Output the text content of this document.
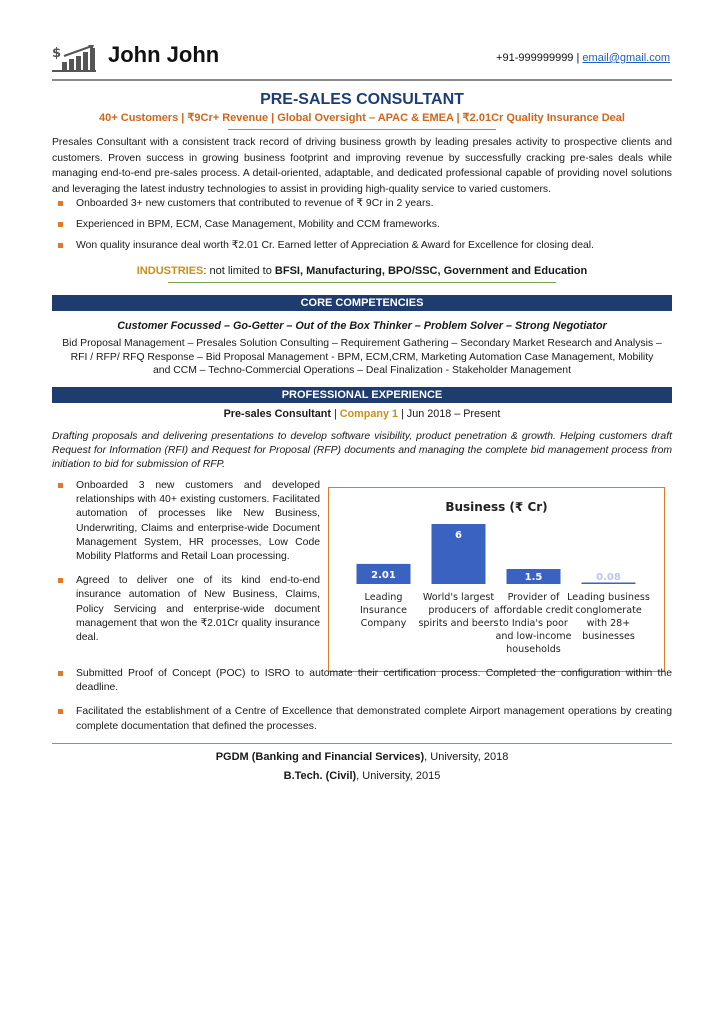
$ John John	+91-999999999 | email@gmail.com
PRE-SALES CONSULTANT
40+ Customers | ₹9Cr+ Revenue | Global Oversight – APAC & EMEA | ₹2.01Cr Quality Insurance Deal
Presales Consultant with a consistent track record of driving business growth by leading presales activity to prospective clients and customers. Proven success in growing business footprint and improving revenue by successfully cracking pre-sales deals while managing end-to-end pre-sales process. A detail-oriented, adaptable, and dedicated professional capable of providing novel solutions and leveraging the latest industry technologies to assist in providing high-quality service to varied customers.
Onboarded 3+ new customers that contributed to revenue of ₹ 9Cr in 2 years.
Experienced in BPM, ECM, Case Management, Mobility and CCM frameworks.
Won quality insurance deal worth ₹2.01 Cr. Earned letter of Appreciation & Award for Excellence for closing deal.
INDUSTRIES: not limited to BFSI, Manufacturing, BPO/SSC, Government and Education
CORE COMPETENCIES
Customer Focussed – Go-Getter – Out of the Box Thinker – Problem Solver – Strong Negotiator
Bid Proposal Management – Presales Solution Consulting – Requirement Gathering – Secondary Market Research and Analysis – RFI / RFP/ RFQ Response – Bid Proposal Management - BPM, ECM,CRM, Marketing Automation Case Management, Mobility and CCM – Techno-Commercial Operations – Deal Finalization - Stakeholder Management
PROFESSIONAL EXPERIENCE
Pre-sales Consultant | Company 1 | Jun 2018 – Present
Drafting proposals and delivering presentations to develop software visibility, product penetration & growth. Helping customers draft Request for Information (RFI) and Request for Proposal (RFP) documents and managing the complete bid management process from initiation to bid for submission of RFP.
Onboarded 3 new customers and developed relationships with 40+ existing customers. Facilitated automation of processes like New Business, Underwriting, Claims and enterprise-wide Document Management System, HR processes, Low Code Mobility Platforms and Retail Loan processing.
Agreed to deliver one of its kind end-to-end insurance automation of New Business, Claims, Policy Servicing and enterprise-wide document management that won the ₹2.01Cr quality insurance deal.
Business (₹ Cr)
2.01
Leading
Insurance
Company
6
World's largest
producers of
spirits and beers
1.5
Provider of
affordable credit
to India's poor
and low-income
households
0.08
Leading business
conglomerate
with 28+
businesses
Submitted Proof of Concept (POC) to ISRO to automate their certification process. Completed the configuration within the deadline.
Facilitated the establishment of a Centre of Excellence that demonstrated complete Airport management operations by creating complete documentation that defined the processes.
PGDM (Banking and Financial Services), University, 2018
B.Tech. (Civil), University, 2015
